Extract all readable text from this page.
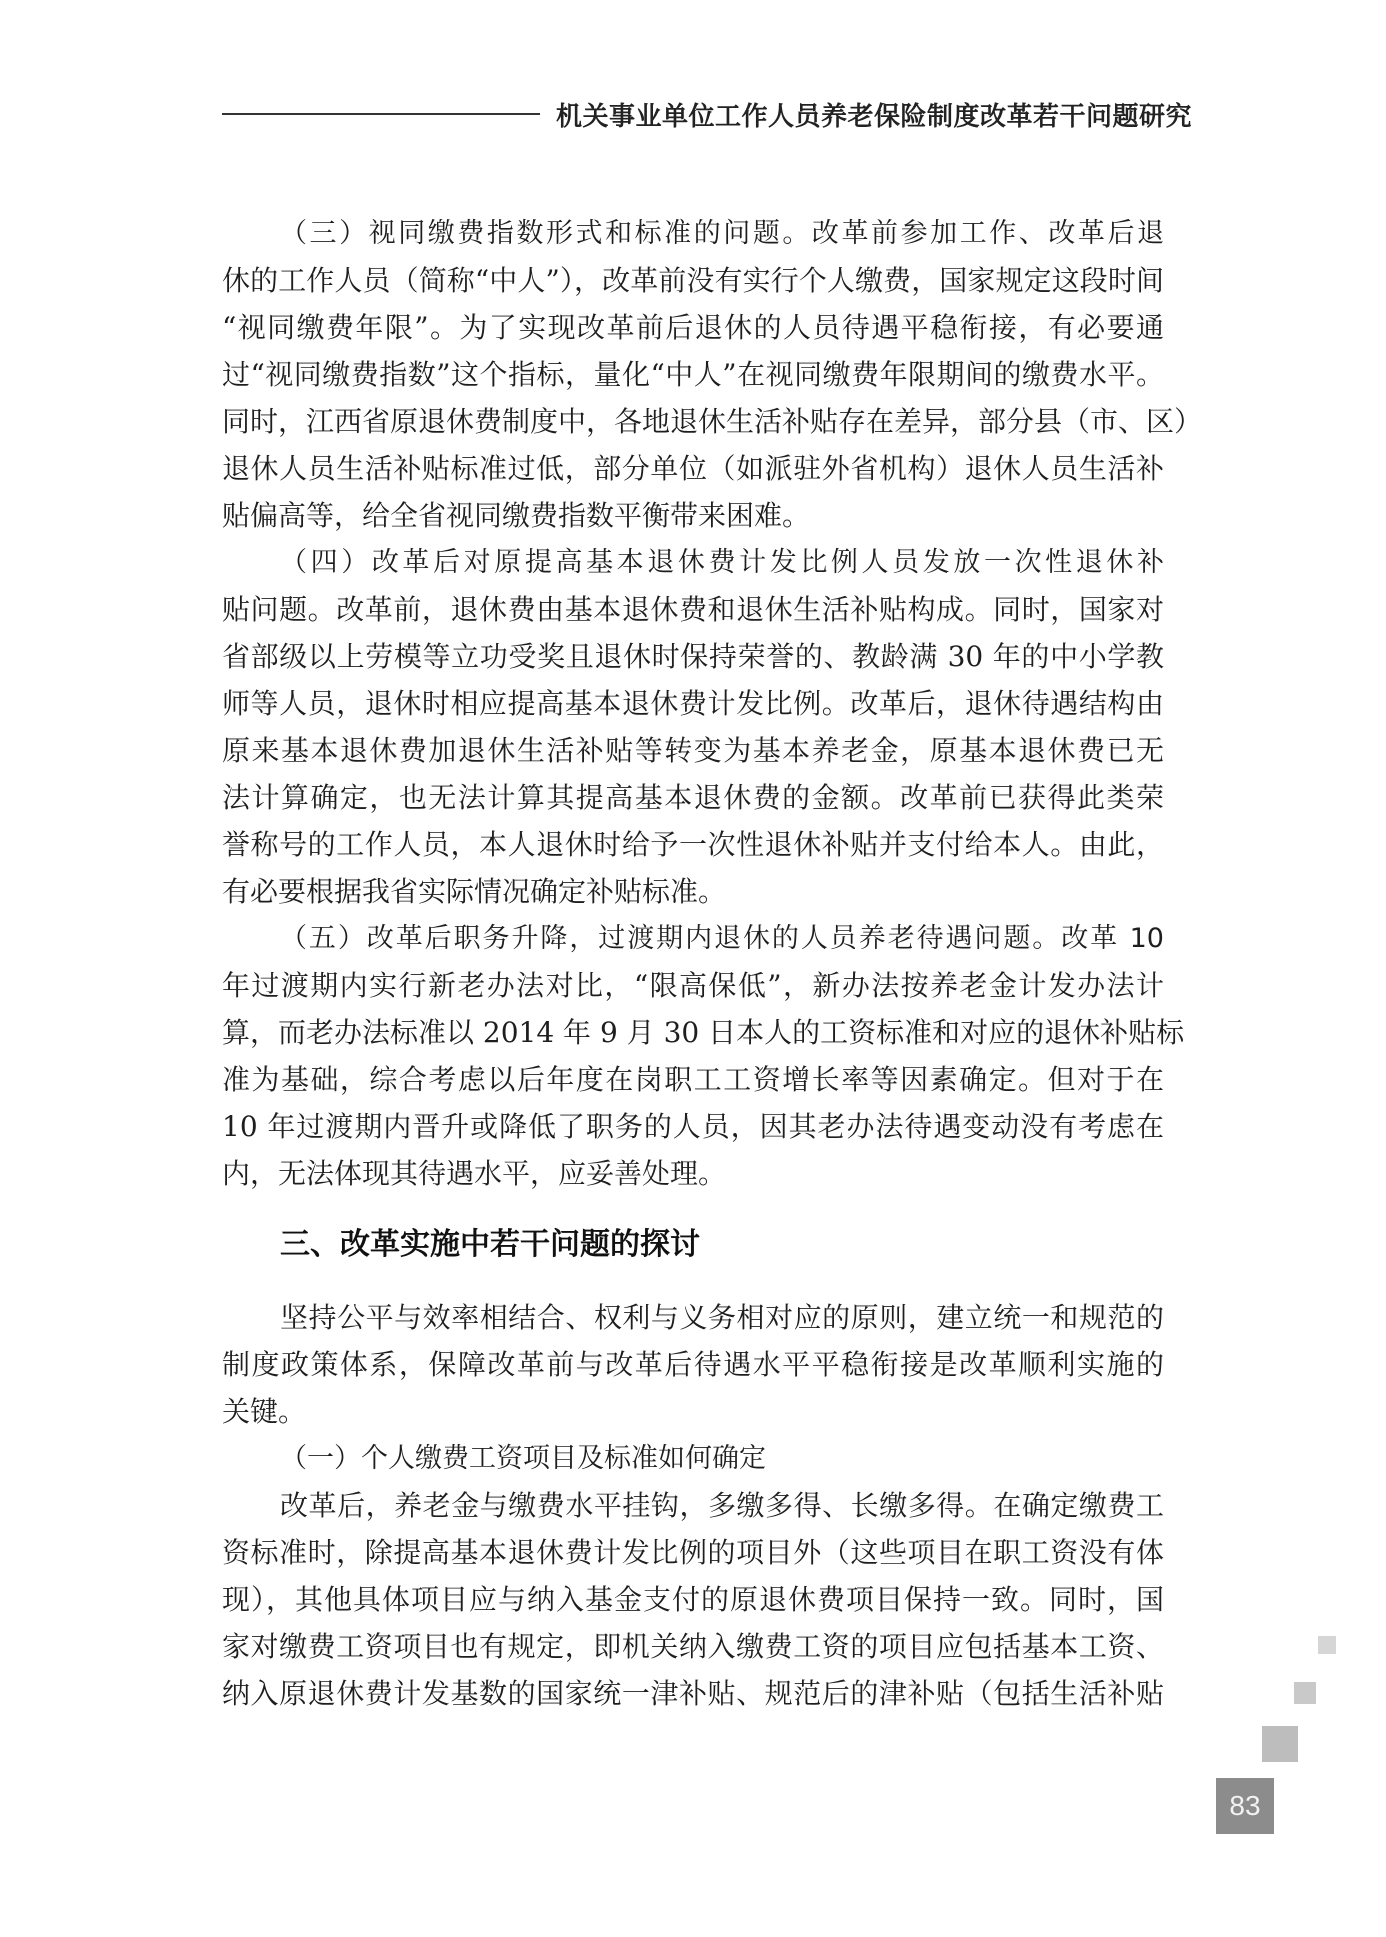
机关事业单位工作人员养老保险制度改革若干问题研究
（三）视同缴费指数形式和标准的问题。改革前参加工作、改革后退
休的工作人员（简称“中人”），改革前没有实行个人缴费，国家规定这段时间
“视同缴费年限”。为了实现改革前后退休的人员待遇平稳衔接，有必要通
过“视同缴费指数”这个指标，量化“中人”在视同缴费年限期间的缴费水平。
同时，江西省原退休费制度中，各地退休生活补贴存在差异，部分县（市、区）
退休人员生活补贴标准过低，部分单位（如派驻外省机构）退休人员生活补
贴偏高等，给全省视同缴费指数平衡带来困难。
（四）改革后对原提高基本退休费计发比例人员发放一次性退休补
贴问题。改革前，退休费由基本退休费和退休生活补贴构成。同时，国家对
省部级以上劳模等立功受奖且退休时保持荣誉的、教龄满 30 年的中小学教
师等人员，退休时相应提高基本退休费计发比例。改革后，退休待遇结构由
原来基本退休费加退休生活补贴等转变为基本养老金，原基本退休费已无
法计算确定，也无法计算其提高基本退休费的金额。改革前已获得此类荣
誉称号的工作人员，本人退休时给予一次性退休补贴并支付给本人。由此，
有必要根据我省实际情况确定补贴标准。
（五）改革后职务升降，过渡期内退休的人员养老待遇问题。改革 10
年过渡期内实行新老办法对比，“限高保低”，新办法按养老金计发办法计
算，而老办法标准以 2014 年 9 月 30 日本人的工资标准和对应的退休补贴标
准为基础，综合考虑以后年度在岗职工工资增长率等因素确定。但对于在
10 年过渡期内晋升或降低了职务的人员，因其老办法待遇变动没有考虑在
内，无法体现其待遇水平，应妥善处理。
三、改革实施中若干问题的探讨
坚持公平与效率相结合、权利与义务相对应的原则，建立统一和规范的
制度政策体系，保障改革前与改革后待遇水平平稳衔接是改革顺利实施的
关键。
（一）个人缴费工资项目及标准如何确定
改革后，养老金与缴费水平挂钩，多缴多得、长缴多得。在确定缴费工
资标准时，除提高基本退休费计发比例的项目外（这些项目在职工资没有体
现），其他具体项目应与纳入基金支付的原退休费项目保持一致。同时，国
家对缴费工资项目也有规定，即机关纳入缴费工资的项目应包括基本工资、
纳入原退休费计发基数的国家统一津补贴、规范后的津补贴（包括生活补贴
83
